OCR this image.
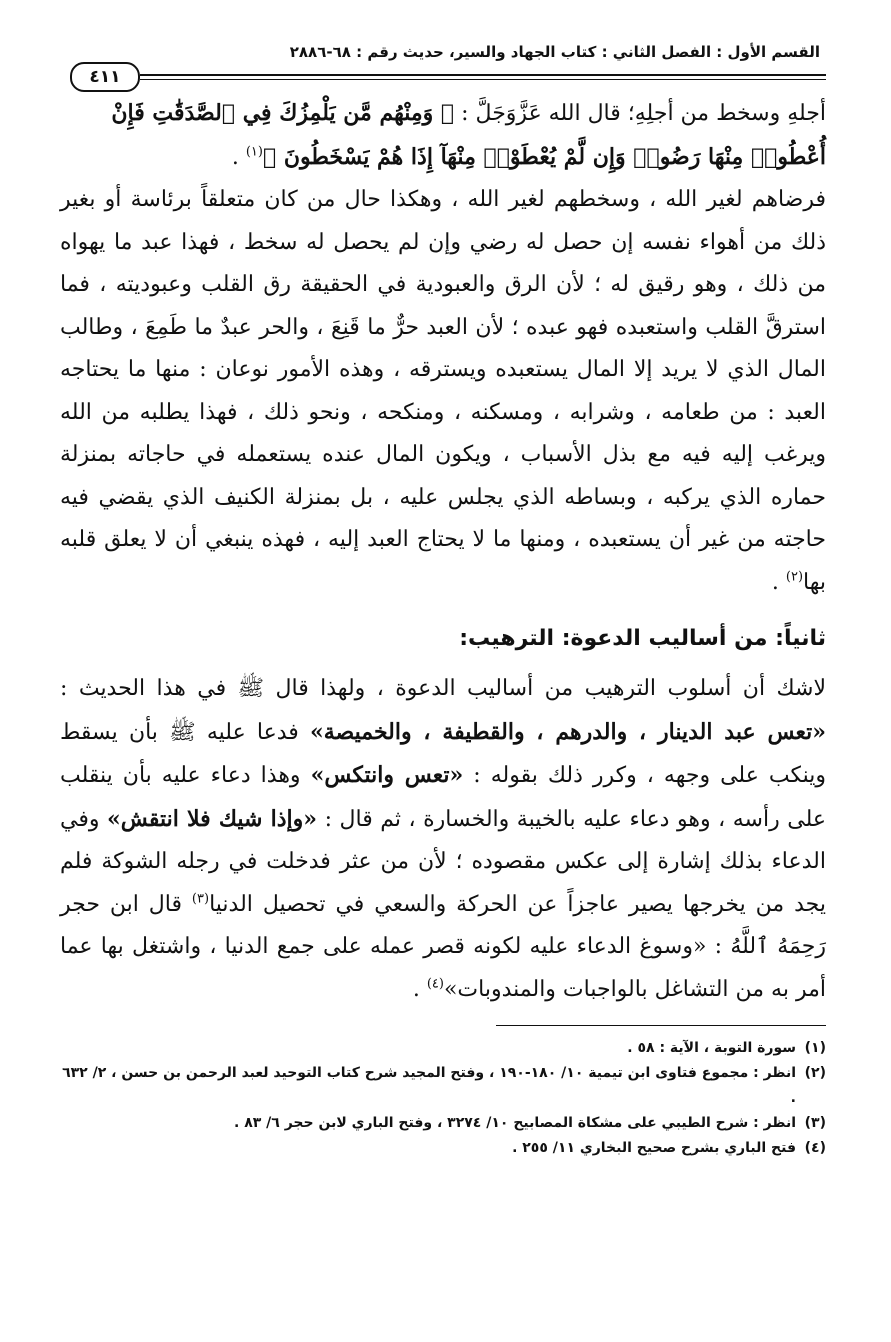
القسم الأول : الفصل الثاني : كتاب الجهاد والسير، حديث رقم : ٦٨-٢٨٨٦
٤١١

أجلهِ وسخط من أجلِهِ؛ قال الله عَزَّوَجَلَّ : ﴿ وَمِنْهُم مَّن يَلْمِزُكَ فِي ٱلصَّدَقَٰتِ فَإِنْ أُعْطُوا۟ مِنْهَا رَضُوا۟ وَإِن لَّمْ يُعْطَوْا۟ مِنْهَآ إِذَا هُمْ يَسْخَطُونَ ﴾$^{(١)}$ .

فرضاهم لغير الله ، وسخطهم لغير الله ، وهكذا حال من كان متعلقاً برئاسة أو بغير ذلك من أهواء نفسه إن حصل له رضي وإن لم يحصل له سخط ، فهذا عبد ما يهواه من ذلك ، وهو رقيق له ؛ لأن الرق والعبودية في الحقيقة رق القلب وعبوديته ، فما استرقَّ القلب واستعبده فهو عبده ؛ لأن العبد حرٌّ ما قَنِعَ ، والحر عبدٌ ما طَمِعَ ، وطالب المال الذي لا يريد إلا المال يستعبده ويسترقه ، وهذه الأمور نوعان : منها ما يحتاجه العبد : من طعامه ، وشرابه ، ومسكنه ، ومنكحه ، ونحو ذلك ، فهذا يطلبه من الله ويرغب إليه فيه مع بذل الأسباب ، ويكون المال عنده يستعمله في حاجاته بمنزلة حماره الذي يركبه ، وبساطه الذي يجلس عليه ، بل بمنزلة الكنيف الذي يقضي فيه حاجته من غير أن يستعبده ، ومنها ما لا يحتاج العبد إليه ، فهذه ينبغي أن لا يعلق قلبه بها$^{(٢)}$ .

ثانياً: من أساليب الدعوة: الترهيب:

لاشك أن أسلوب الترهيب من أساليب الدعوة ، ولهذا قال ﷺ في هذا الحديث : «تعس عبد الدينار ، والدرهم ، والقطيفة ، والخميصة» فدعا عليه ﷺ بأن يسقط وينكب على وجهه ، وكرر ذلك بقوله : «تعس وانتكس» وهذا دعاء عليه بأن ينقلب على رأسه ، وهو دعاء عليه بالخيبة والخسارة ، ثم قال : «وإذا شيك فلا انتقش» وفي الدعاء بذلك إشارة إلى عكس مقصوده ؛ لأن من عثر فدخلت في رجله الشوكة فلم يجد من يخرجها يصير عاجزاً عن الحركة والسعي في تحصيل الدنيا$^{(٣)}$ قال ابن حجر رَحِمَهُ ٱللَّهُ : «وسوغ الدعاء عليه لكونه قصر عمله على جمع الدنيا ، واشتغل بها عما أمر به من التشاغل بالواجبات والمندوبات»$^{(٤)}$ .

(١)
سورة التوبة ، الآية : ٥٨ .
(٢)
انظر : مجموع فتاوى ابن تيمية ١٠/ ١٨٠-١٩٠ ، وفتح المجيد شرح كتاب التوحيد لعبد الرحمن بن حسن ، ٢/ ٦٣٢ .
(٣)
انظر : شرح الطيبي على مشكاة المصابيح ١٠/ ٣٢٧٤ ، وفتح الباري لابن حجر ٦/ ٨٣ .
(٤)
فتح الباري بشرح صحيح البخاري ١١/ ٢٥٥ .
